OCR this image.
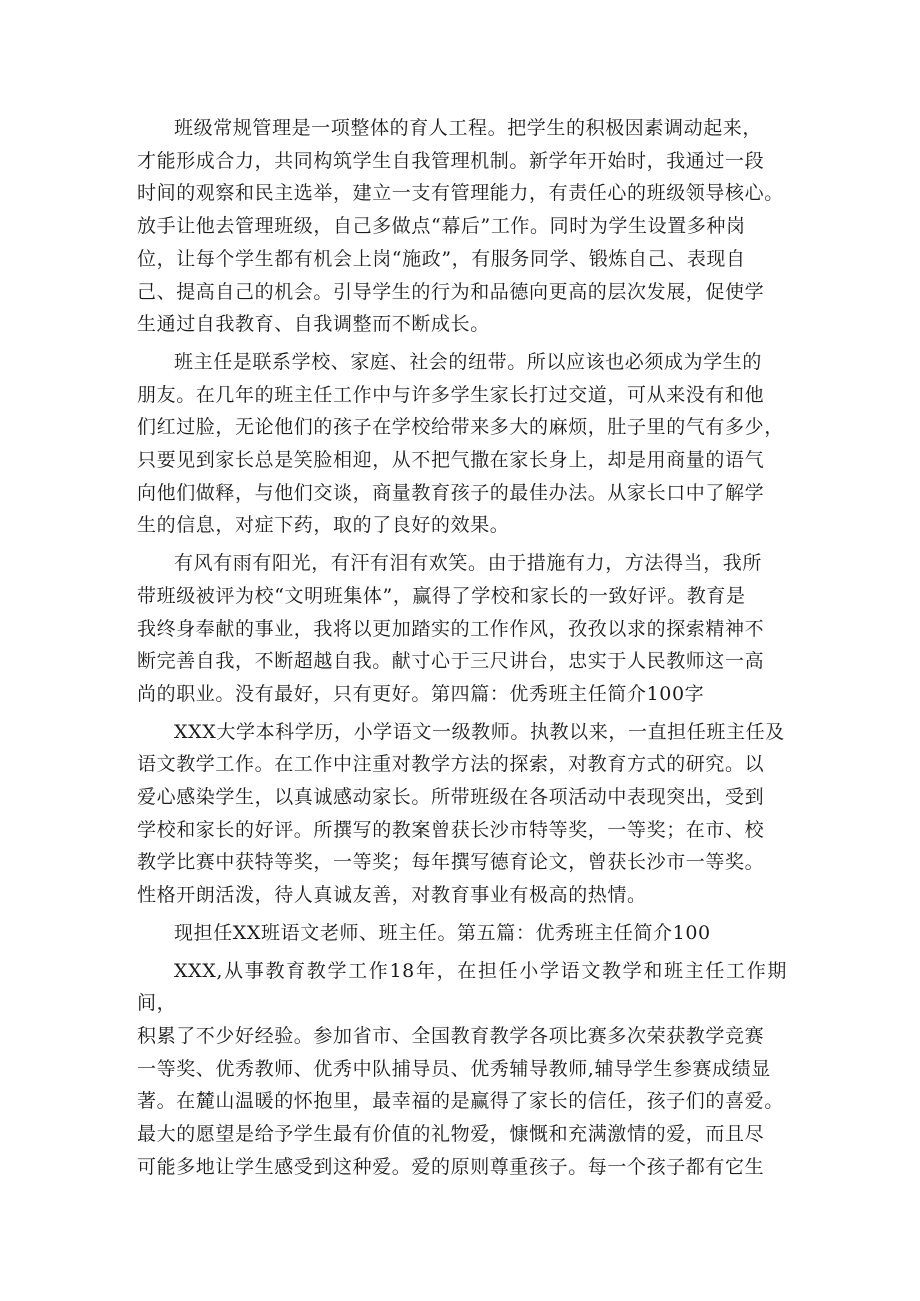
班级常规管理是一项整体的育人工程。把学生的积极因素调动起来，
才能形成合力，共同构筑学生自我管理机制。新学年开始时，我通过一段
时间的观察和民主选举，建立一支有管理能力，有责任心的班级领导核心。
放手让他去管理班级，自己多做点“幕后”工作。同时为学生设置多种岗
位，让每个学生都有机会上岗“施政”，有服务同学、锻炼自己、表现自
己、提高自己的机会。引导学生的行为和品德向更高的层次发展，促使学
生通过自我教育、自我调整而不断成长。

班主任是联系学校、家庭、社会的纽带。所以应该也必须成为学生的
朋友。在几年的班主任工作中与许多学生家长打过交道，可从来没有和他
们红过脸，无论他们的孩子在学校给带来多大的麻烦，肚子里的气有多少，
只要见到家长总是笑脸相迎，从不把气撒在家长身上，却是用商量的语气
向他们做释，与他们交谈，商量教育孩子的最佳办法。从家长口中了解学
生的信息，对症下药，取的了良好的效果。

有风有雨有阳光，有汗有泪有欢笑。由于措施有力，方法得当，我所
带班级被评为校“文明班集体”，赢得了学校和家长的一致好评。教育是
我终身奉献的事业，我将以更加踏实的工作作风，孜孜以求的探索精神不
断完善自我，不断超越自我。献寸心于三尺讲台，忠实于人民教师这一高
尚的职业。没有最好，只有更好。第四篇：优秀班主任简介100字

XXX大学本科学历，小学语文一级教师。执教以来，一直担任班主任及
语文教学工作。在工作中注重对教学方法的探索，对教育方式的研究。以
爱心感染学生，以真诚感动家长。所带班级在各项活动中表现突出，受到
学校和家长的好评。所撰写的教案曾获长沙市特等奖，一等奖；在市、校
教学比赛中获特等奖，一等奖；每年撰写德育论文，曾获长沙市一等奖。
性格开朗活泼，待人真诚友善，对教育事业有极高的热情。

现担任XX班语文老师、班主任。第五篇：优秀班主任简介100

XXX,从事教育教学工作18年，在担任小学语文教学和班主任工作期间，
积累了不少好经验。参加省市、全国教育教学各项比赛多次荣获教学竞赛
一等奖、优秀教师、优秀中队捕导员、优秀辅导教师,辅导学生参赛成绩显
著。在麓山温暖的怀抱里，最幸福的是赢得了家长的信任，孩子们的喜爱。
最大的愿望是给予学生最有价值的礼物爱，慷慨和充满激情的爱，而且尽
可能多地让学生感受到这种爱。爱的原则尊重孩子。每一个孩子都有它生
